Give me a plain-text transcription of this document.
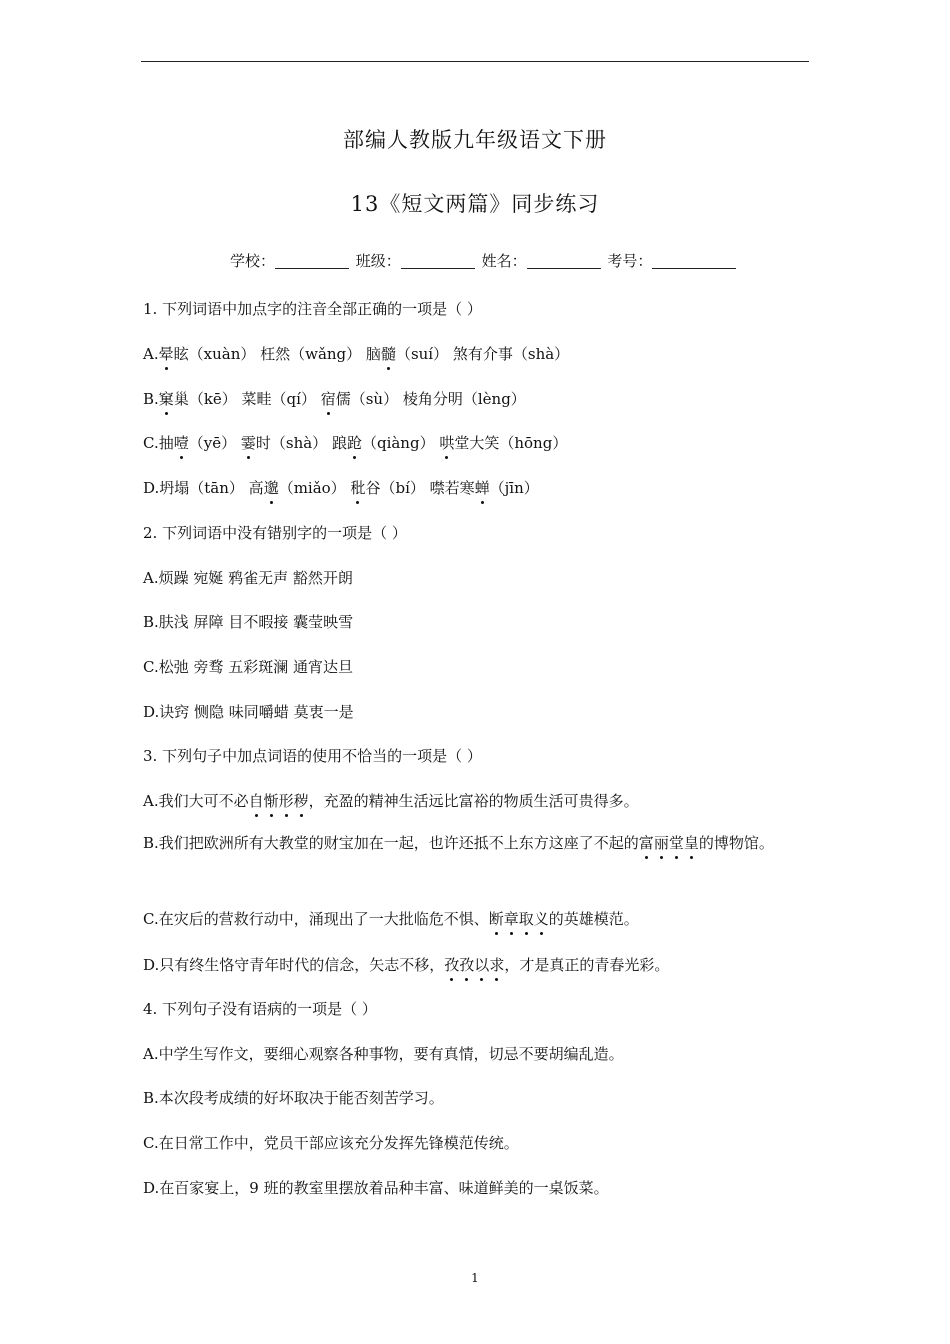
部编人教版九年级语文下册
13《短文两篇》同步练习
学校：	班级：	姓名：	考号：
1. 下列词语中加点字的注音全部正确的一项是（ ）
A.晕眩（xuàn） 枉然（wǎng） 脑髓（suí） 煞有介事（shà）
B.窠巢（kē） 菜畦（qí） 宿儒（sù） 棱角分明（lèng）
C.抽噎（yē） 霎时（shà） 踉跄（qiàng） 哄堂大笑（hōng）
D.坍塌（tān） 高邈（miǎo） 秕谷（bí） 噤若寒蝉（jīn）
2. 下列词语中没有错别字的一项是（ ）
A.烦躁 宛娫 鸦雀无声 豁然开朗
B.肤浅 屏障 目不暇接 囊莹映雪
C.松弛 旁骛 五彩斑澜 通宵达旦
D.诀窍 恻隐 味同嚼蜡 莫衷一是
3. 下列句子中加点词语的使用不恰当的一项是（ ）
A.我们大可不必自惭形秽，充盈的精神生活远比富裕的物质生活可贵得多。
B.我们把欧洲所有大教堂的财宝加在一起，也许还抵不上东方这座了不起的富丽堂皇的博物馆。
C.在灾后的营救行动中，涌现出了一大批临危不惧、断章取义的英雄模范。
D.只有终生恪守青年时代的信念，矢志不移，孜孜以求，才是真正的青春光彩。
4. 下列句子没有语病的一项是（ ）
A.中学生写作文，要细心观察各种事物，要有真情，切忌不要胡编乱造。
B.本次段考成绩的好坏取决于能否刻苦学习。
C.在日常工作中，党员干部应该充分发挥先锋模范传统。
D.在百家宴上，9 班的教室里摆放着品种丰富、味道鲜美的一桌饭菜。
1
